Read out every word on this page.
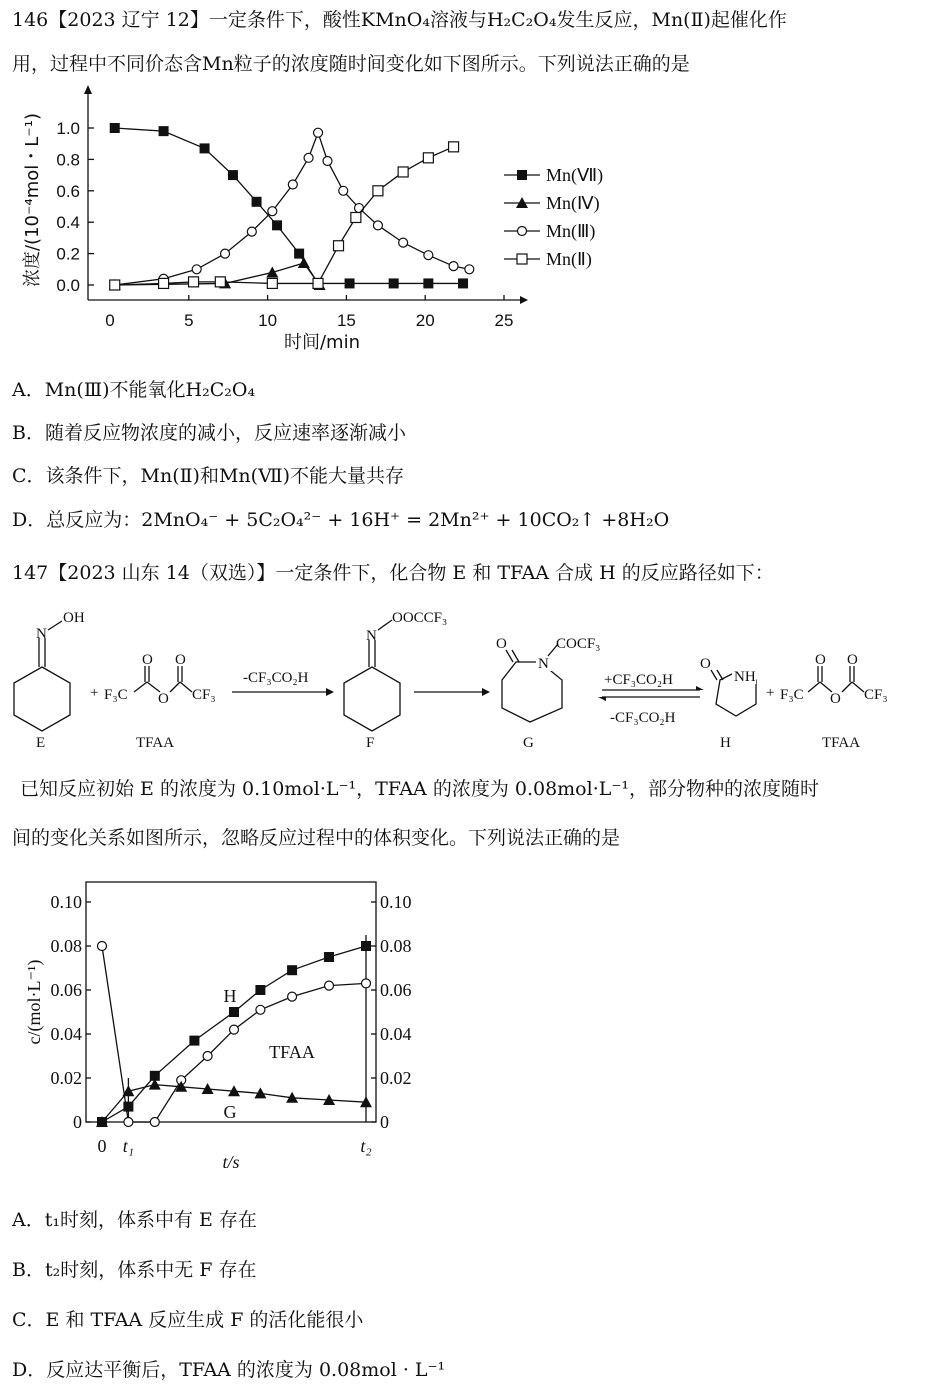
146【2023 辽宁 12】一定条件下，酸性KMnO₄溶液与H₂C₂O₄发生反应，Mn(Ⅱ)起催化作
用，过程中不同价态含Mn粒子的浓度随时间变化如下图所示。下列说法正确的是
0	5	10	15	20	25
0.0
0.2
0.4
0.6
0.8
1.0
时间/min
浓度/(10⁻⁴mol・L⁻¹)	Mn(Ⅶ)
Mn(Ⅳ)
Mn(Ⅲ)
Mn(Ⅱ)
A．Mn(Ⅲ)不能氧化H₂C₂O₄
B．随着反应物浓度的减小，反应速率逐渐减小
C．该条件下，Mn(Ⅱ)和Mn(Ⅶ)不能大量共存
D．总反应为：2MnO₄⁻ + 5C₂O₄²⁻ + 16H⁺ = 2Mn²⁺ + 10CO₂↑ +8H₂O
147【2023 山东 14（双选）】一定条件下，化合物 E 和 TFAA 合成 H 的反应路径如下：
N
OH
E
+ F₃C
O
O
O
CF₃
TFAA
-CF₃CO₂H
N
OOCCF₃
F
N
O	COCF₃
G
+CF₃CO₂H
-CF₃CO₂H
NH
O
H
+ F₃C
O
O
O
CF₃
TFAA
已知反应初始 E 的浓度为 0.10mol·L⁻¹，TFAA 的浓度为 0.08mol·L⁻¹，部分物种的浓度随时
间的变化关系如图所示，忽略反应过程中的体积变化。下列说法正确的是
0	0
0.02	0.02
0.04	0.04
0.06	0.06
0.08	0.08
0.10	0.10
0 t₁	t₂
t/s
c/(mol·L⁻¹)	H
TFAA
G
A．t₁时刻，体系中有 E 存在
B．t₂时刻，体系中无 F 存在
C．E 和 TFAA 反应生成 F 的活化能很小
D．反应达平衡后，TFAA 的浓度为 0.08mol · L⁻¹
